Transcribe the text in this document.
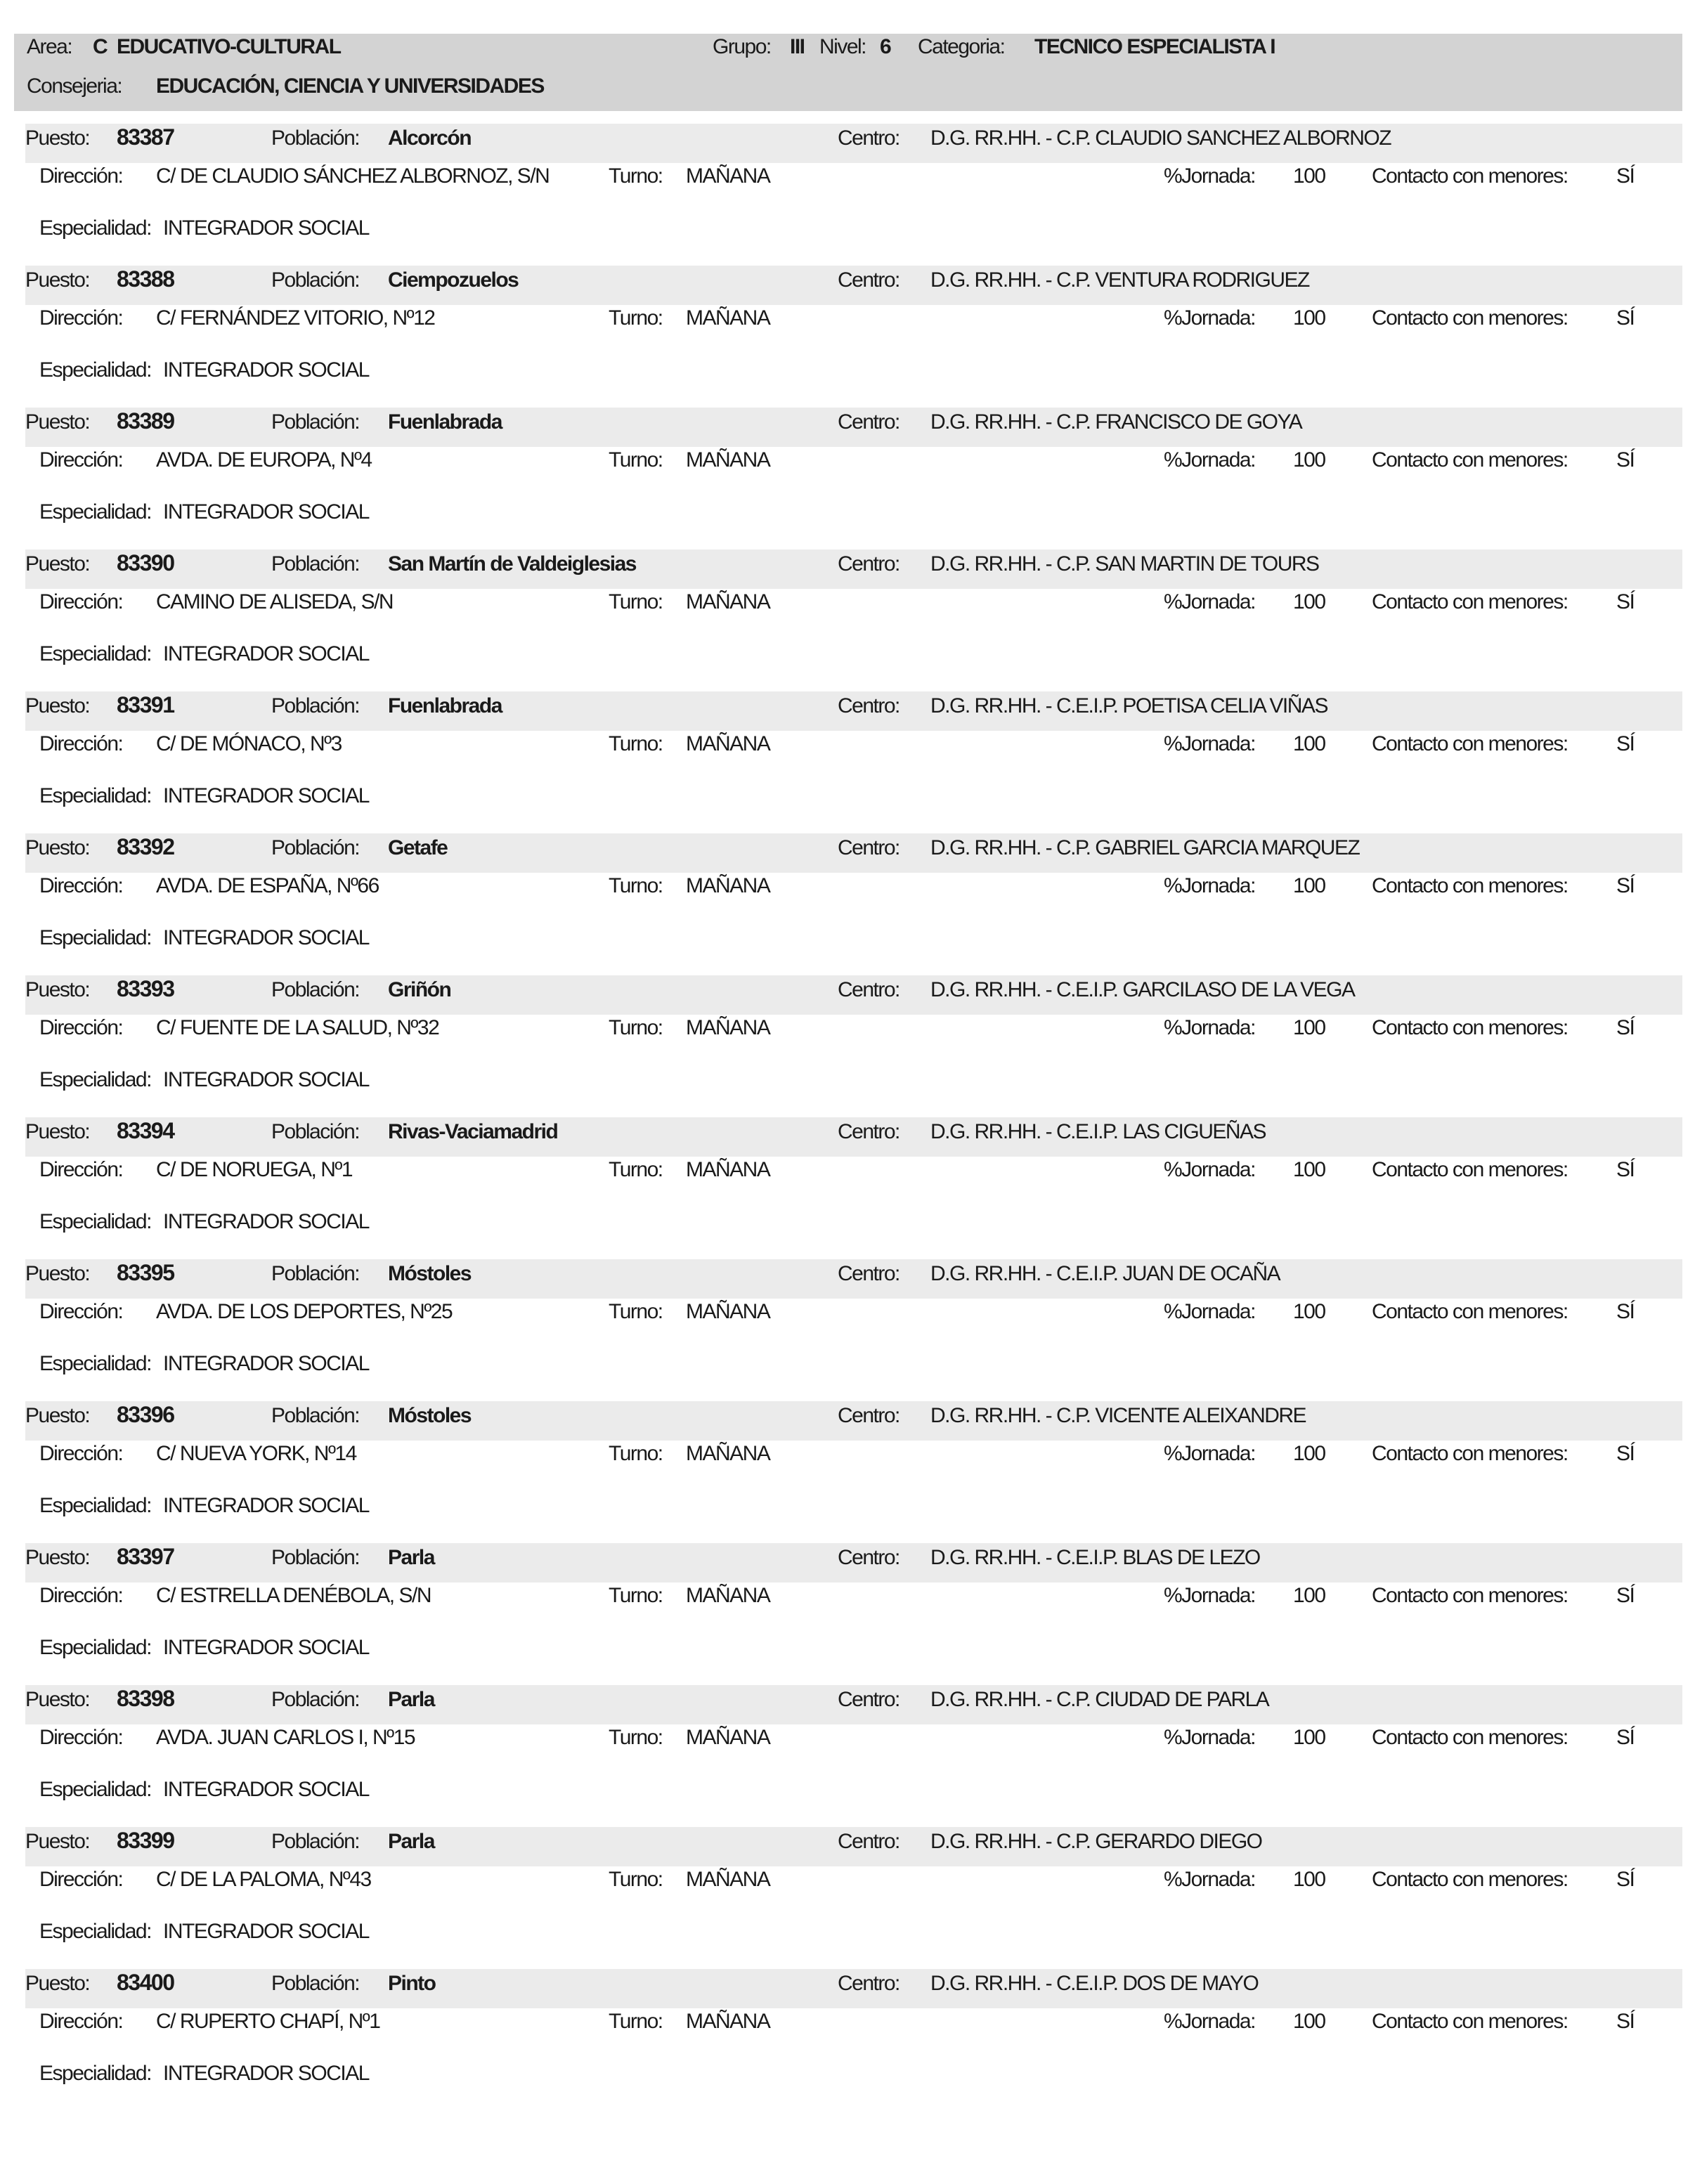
Area: C EDUCATIVO-CULTURAL	Grupo: III Nivel: 6 Categoria: TECNICO ESPECIALISTA I
Consejeria: EDUCACIÓN, CIENCIA Y UNIVERSIDADES
Puesto: 83387	Población: Alcorcón	Centro: D.G. RR.HH. - C.P. CLAUDIO SANCHEZ ALBORNOZ
Dirección: C/ DE CLAUDIO SÁNCHEZ ALBORNOZ, S/N	Turno: MAÑANA	%Jornada: 100 Contacto con menores: SÍ
Especialidad: INTEGRADOR SOCIAL
Puesto: 83388	Población: Ciempozuelos	Centro: D.G. RR.HH. - C.P. VENTURA RODRIGUEZ
Dirección: C/ FERNÁNDEZ VITORIO, Nº12	Turno: MAÑANA	%Jornada: 100 Contacto con menores: SÍ
Especialidad: INTEGRADOR SOCIAL
Puesto: 83389	Población: Fuenlabrada	Centro: D.G. RR.HH. - C.P. FRANCISCO DE GOYA
Dirección: AVDA. DE EUROPA, Nº4	Turno: MAÑANA	%Jornada: 100 Contacto con menores: SÍ
Especialidad: INTEGRADOR SOCIAL
Puesto: 83390	Población: San Martín de Valdeiglesias	Centro: D.G. RR.HH. - C.P. SAN MARTIN DE TOURS
Dirección: CAMINO DE ALISEDA, S/N	Turno: MAÑANA	%Jornada: 100 Contacto con menores: SÍ
Especialidad: INTEGRADOR SOCIAL
Puesto: 83391	Población: Fuenlabrada	Centro: D.G. RR.HH. - C.E.I.P. POETISA CELIA VIÑAS
Dirección: C/ DE MÓNACO, Nº3	Turno: MAÑANA	%Jornada: 100 Contacto con menores: SÍ
Especialidad: INTEGRADOR SOCIAL
Puesto: 83392	Población: Getafe	Centro: D.G. RR.HH. - C.P. GABRIEL GARCIA MARQUEZ
Dirección: AVDA. DE ESPAÑA, Nº66	Turno: MAÑANA	%Jornada: 100 Contacto con menores: SÍ
Especialidad: INTEGRADOR SOCIAL
Puesto: 83393	Población: Griñón	Centro: D.G. RR.HH. - C.E.I.P. GARCILASO DE LA VEGA
Dirección: C/ FUENTE DE LA SALUD, Nº32	Turno: MAÑANA	%Jornada: 100 Contacto con menores: SÍ
Especialidad: INTEGRADOR SOCIAL
Puesto: 83394	Población: Rivas-Vaciamadrid	Centro: D.G. RR.HH. - C.E.I.P. LAS CIGUEÑAS
Dirección: C/ DE NORUEGA, Nº1	Turno: MAÑANA	%Jornada: 100 Contacto con menores: SÍ
Especialidad: INTEGRADOR SOCIAL
Puesto: 83395	Población: Móstoles	Centro: D.G. RR.HH. - C.E.I.P. JUAN DE OCAÑA
Dirección: AVDA. DE LOS DEPORTES, Nº25	Turno: MAÑANA	%Jornada: 100 Contacto con menores: SÍ
Especialidad: INTEGRADOR SOCIAL
Puesto: 83396	Población: Móstoles	Centro: D.G. RR.HH. - C.P. VICENTE ALEIXANDRE
Dirección: C/ NUEVA YORK, Nº14	Turno: MAÑANA	%Jornada: 100 Contacto con menores: SÍ
Especialidad: INTEGRADOR SOCIAL
Puesto: 83397	Población: Parla	Centro: D.G. RR.HH. - C.E.I.P. BLAS DE LEZO
Dirección: C/ ESTRELLA DENÉBOLA, S/N	Turno: MAÑANA	%Jornada: 100 Contacto con menores: SÍ
Especialidad: INTEGRADOR SOCIAL
Puesto: 83398	Población: Parla	Centro: D.G. RR.HH. - C.P. CIUDAD DE PARLA
Dirección: AVDA. JUAN CARLOS I, Nº15	Turno: MAÑANA	%Jornada: 100 Contacto con menores: SÍ
Especialidad: INTEGRADOR SOCIAL
Puesto: 83399	Población: Parla	Centro: D.G. RR.HH. - C.P. GERARDO DIEGO
Dirección: C/ DE LA PALOMA, Nº43	Turno: MAÑANA	%Jornada: 100 Contacto con menores: SÍ
Especialidad: INTEGRADOR SOCIAL
Puesto: 83400	Población: Pinto	Centro: D.G. RR.HH. - C.E.I.P. DOS DE MAYO
Dirección: C/ RUPERTO CHAPÍ, Nº1	Turno: MAÑANA	%Jornada: 100 Contacto con menores: SÍ
Especialidad: INTEGRADOR SOCIAL
